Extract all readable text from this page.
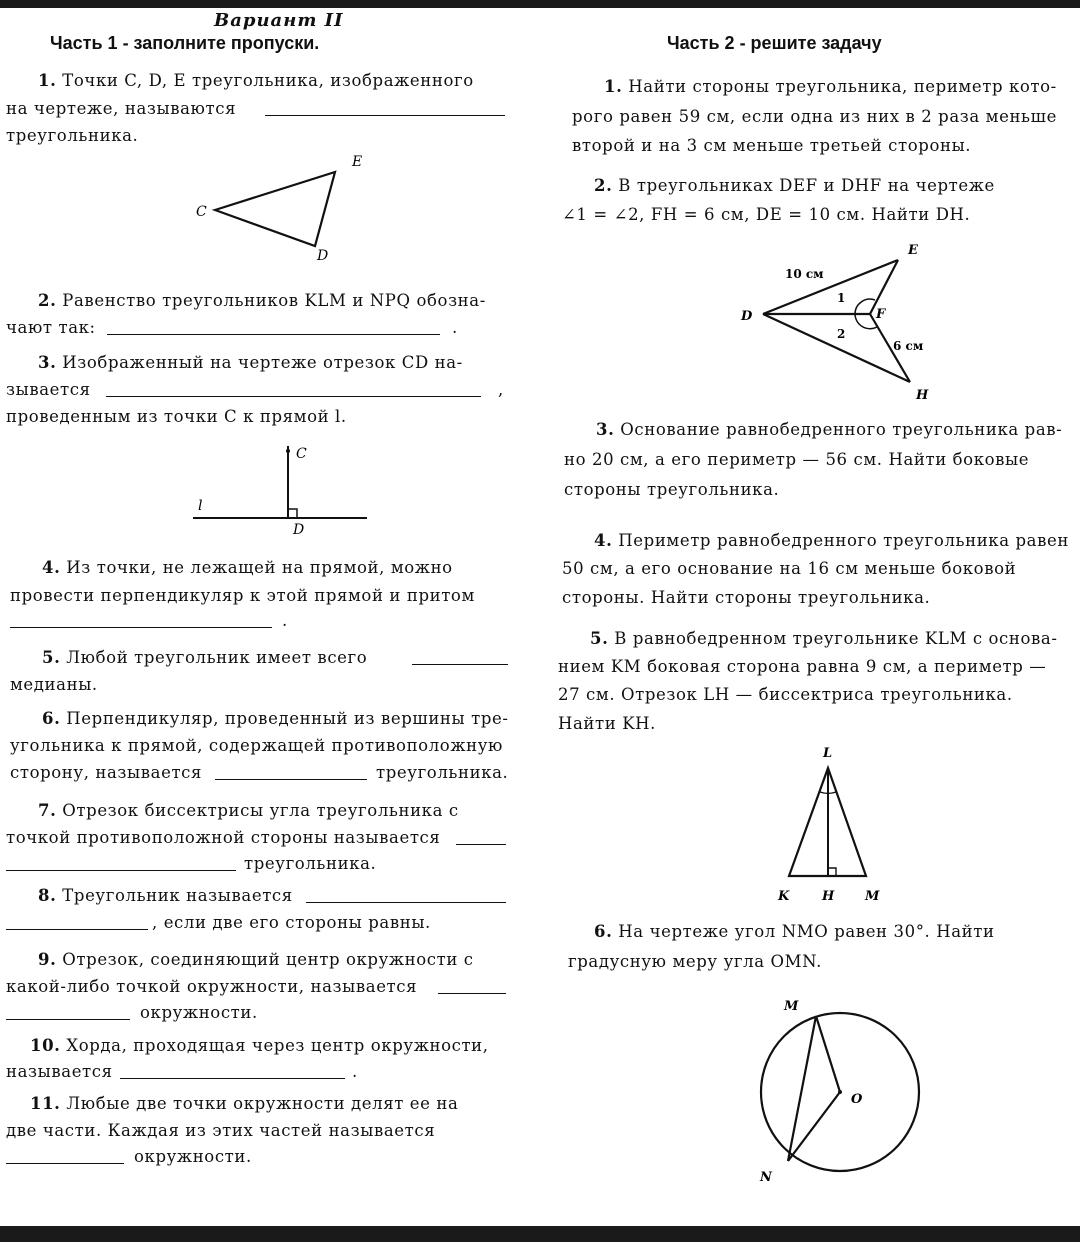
Вариант II
Часть 1 - заполните пропуски.	Часть 2 - решите задачу
1. Точки C, D, E треугольника, изображенного
на чертеже, называются
треугольника.
C
E
D
2. Равенство треугольников KLM и NPQ обозна-
чают так:	.
3. Изображенный на чертеже отрезок CD на-
зывается	,
проведенным из точки C к прямой l.
C
D
l
4. Из точки, не лежащей на прямой, можно
провести перпендикуляр к этой прямой и притом
.
5. Любой треугольник имеет всего
медианы.
6. Перпендикуляр, проведенный из вершины тре-
угольника к прямой, содержащей противоположную
сторону, называется	треугольника.
7. Отрезок биссектрисы угла треугольника с
точкой противоположной стороны называется
треугольника.
8. Треугольник называется
, если две его стороны равны.
9. Отрезок, соединяющий центр окружности с
какой-либо точкой окружности, называется
окружности.
10. Хорда, проходящая через центр окружности,
называется	.
11. Любые две точки окружности делят ее на
две части. Каждая из этих частей называется
окружности.
1. Найти стороны треугольника, периметр кото-
рого равен 59 см, если одна из них в 2 раза меньше
второй и на 3 см меньше третьей стороны.
2. В треугольниках DEF и DHF на чертеже
∠1 = ∠2, FH = 6 см, DE = 10 см. Найти DH.
D
E
F
H
10 см
6 см
1
2
3. Основание равнобедренного треугольника рав-
но 20 см, а его периметр — 56 см. Найти боковые
стороны треугольника.
4. Периметр равнобедренного треугольника равен
50 см, а его основание на 16 см меньше боковой
стороны. Найти стороны треугольника.
5. В равнобедренном треугольнике KLM с основа-
нием KM боковая сторона равна 9 см, а периметр —
27 см. Отрезок LH — биссектриса треугольника.
Найти KH.
L
K	H M
6. На чертеже угол NMO равен 30°. Найти
градусную меру угла OMN.
M
O
N
